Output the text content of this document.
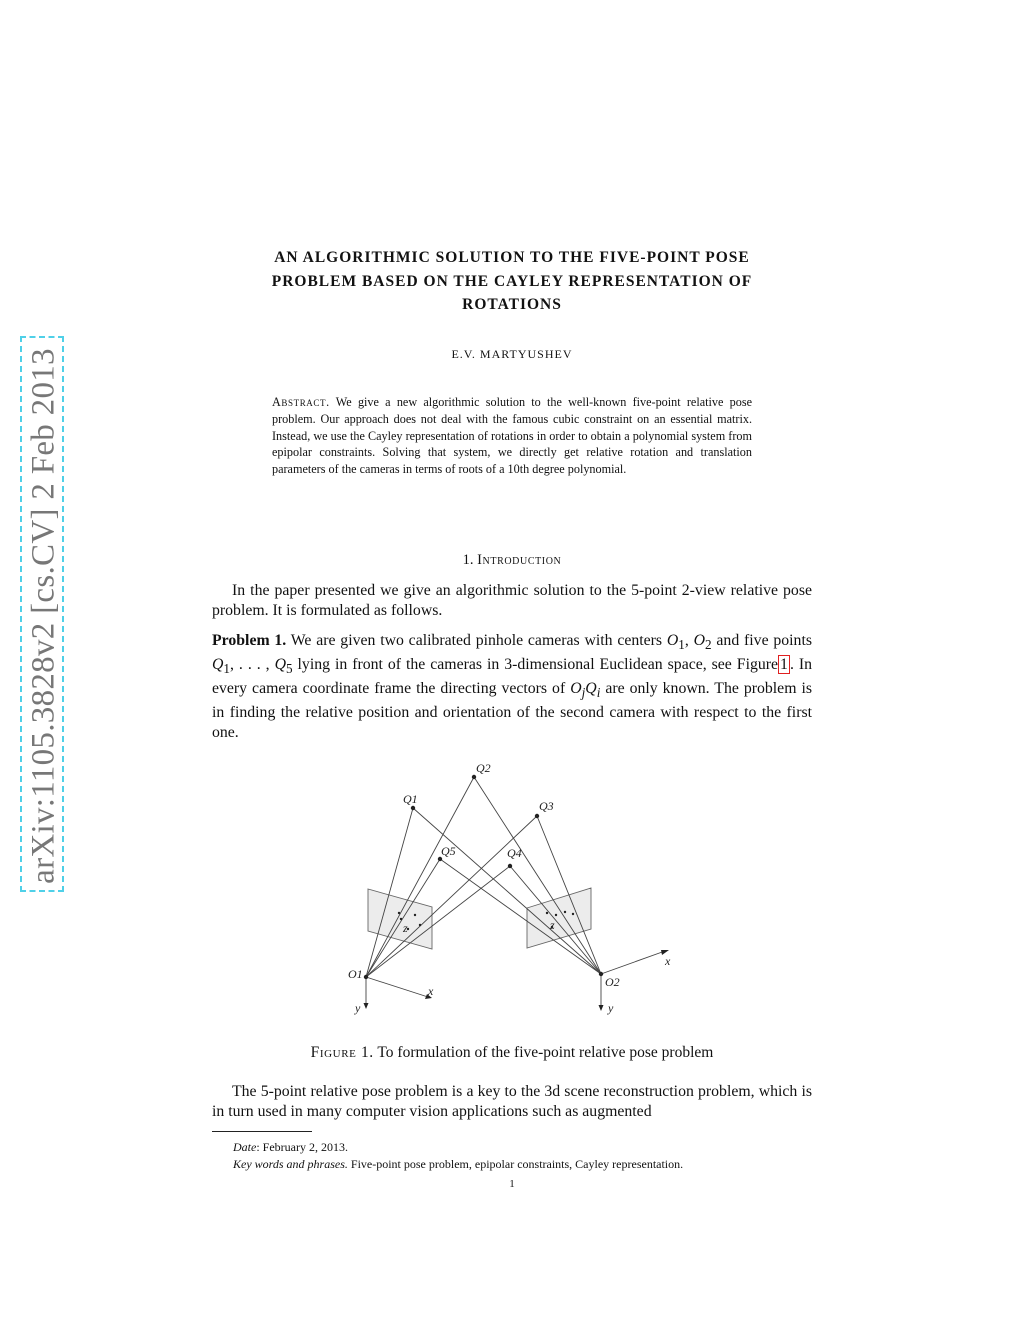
arXiv:1105.3828v2 [cs.CV] 2 Feb 2013
AN ALGORITHMIC SOLUTION TO THE FIVE-POINT POSE
PROBLEM BASED ON THE CAYLEY REPRESENTATION OF
ROTATIONS
E.V. MARTYUSHEV
Abstract. We give a new algorithmic solution to the well-known five-point relative pose problem. Our approach does not deal with the famous cubic constraint on an essential matrix. Instead, we use the Cayley representation of rotations in order to obtain a polynomial system from epipolar constraints. Solving that system, we directly get relative rotation and translation parameters of the cameras in terms of roots of a 10th degree polynomial.
1. Introduction
In the paper presented we give an algorithmic solution to the 5-point 2-view relative pose problem. It is formulated as follows.
Problem 1. We are given two calibrated pinhole cameras with centers $O_1$, $O_2$ and five points $Q_1$, . . . , $Q_5$ lying in front of the cameras in 3-dimensional Euclidean space, see Figure 1 . In every camera coordinate frame the directing vectors of $O_jQ_i$ are only known. The problem is in finding the relative position and orientation of the second camera with respect to the first one.
Q1
Q2
Q3
Q4
Q5
O1
O2
x
y
z
x
y
z
Figure 1. To formulation of the five-point relative pose problem
The 5-point relative pose problem is a key to the 3d scene reconstruction problem, which is in turn used in many computer vision applications such as augmented
Date: February 2, 2013.
Key words and phrases. Five-point pose problem, epipolar constraints, Cayley representation.
1
